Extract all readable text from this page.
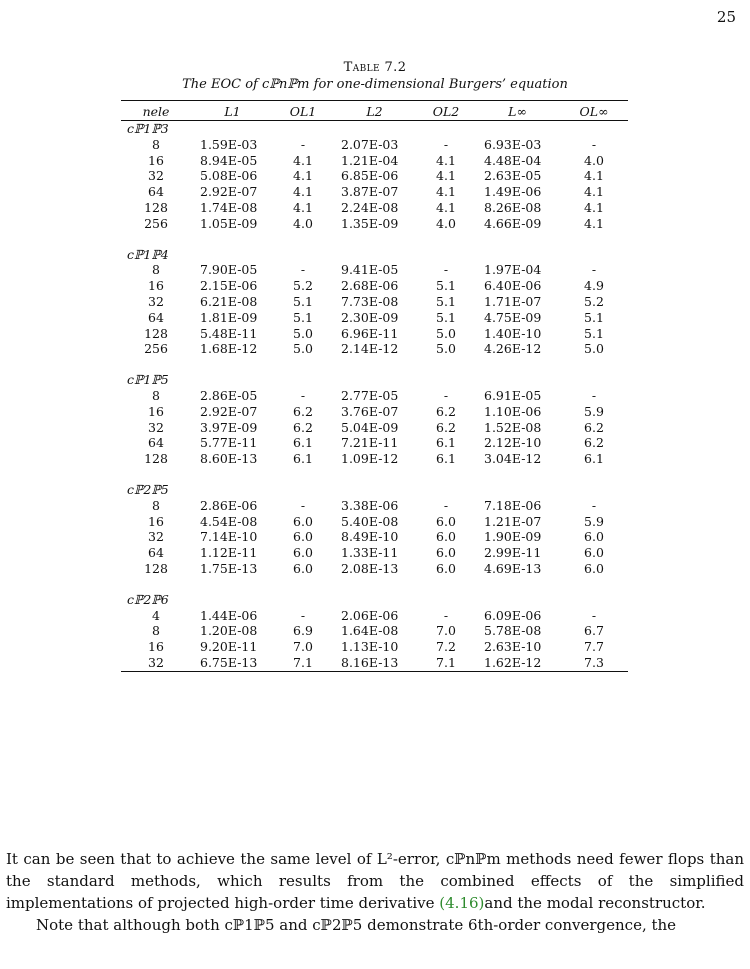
25
Table 7.2
The EOC of cℙnℙm for one-dimensional Burgers’ equation
nele	L1	OL1	L2	OL2	L∞	OL∞
cℙ1ℙ3						
8	1.59E-03	-	2.07E-03	-	6.93E-03	-
16	8.94E-05	4.1	1.21E-04	4.1	4.48E-04	4.0
32	5.08E-06	4.1	6.85E-06	4.1	2.63E-05	4.1
64	2.92E-07	4.1	3.87E-07	4.1	1.49E-06	4.1
128	1.74E-08	4.1	2.24E-08	4.1	8.26E-08	4.1
256	1.05E-09	4.0	1.35E-09	4.0	4.66E-09	4.1

cℙ1ℙ4						
8	7.90E-05	-	9.41E-05	-	1.97E-04	-
16	2.15E-06	5.2	2.68E-06	5.1	6.40E-06	4.9
32	6.21E-08	5.1	7.73E-08	5.1	1.71E-07	5.2
64	1.81E-09	5.1	2.30E-09	5.1	4.75E-09	5.1
128	5.48E-11	5.0	6.96E-11	5.0	1.40E-10	5.1
256	1.68E-12	5.0	2.14E-12	5.0	4.26E-12	5.0

cℙ1ℙ5						
8	2.86E-05	-	2.77E-05	-	6.91E-05	-
16	2.92E-07	6.2	3.76E-07	6.2	1.10E-06	5.9
32	3.97E-09	6.2	5.04E-09	6.2	1.52E-08	6.2
64	5.77E-11	6.1	7.21E-11	6.1	2.12E-10	6.2
128	8.60E-13	6.1	1.09E-12	6.1	3.04E-12	6.1

cℙ2ℙ5						
8	2.86E-06	-	3.38E-06	-	7.18E-06	-
16	4.54E-08	6.0	5.40E-08	6.0	1.21E-07	5.9
32	7.14E-10	6.0	8.49E-10	6.0	1.90E-09	6.0
64	1.12E-11	6.0	1.33E-11	6.0	2.99E-11	6.0
128	1.75E-13	6.0	2.08E-13	6.0	4.69E-13	6.0

cℙ2ℙ6						
4	1.44E-06	-	2.06E-06	-	6.09E-06	-
8	1.20E-08	6.9	1.64E-08	7.0	5.78E-08	6.7
16	9.20E-11	7.0	1.13E-10	7.2	2.63E-10	7.7
32	6.75E-13	7.1	8.16E-13	7.1	1.62E-12	7.3

It can be seen that to achieve the same level of L²-error, cℙnℙm methods need fewer flops than the standard methods, which results from the combined effects of the simplified implementations of projected high-order time derivative (4.16)and the modal reconstructor.

Note that although both cℙ1ℙ5 and cℙ2ℙ5 demonstrate 6th-order convergence, the
